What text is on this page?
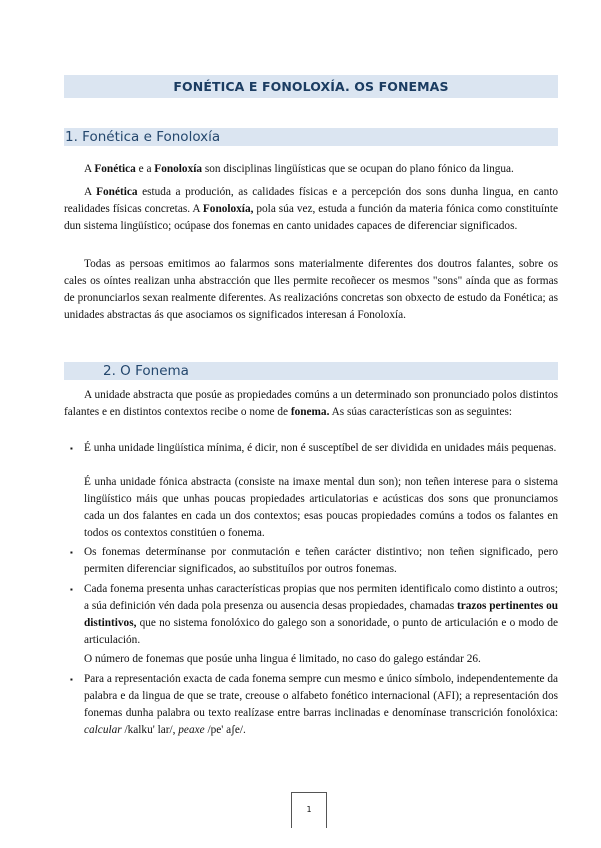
FONÉTICA E FONOLOXÍA. OS FONEMAS
1. Fonética e Fonoloxía

A Fonética e a Fonoloxía son disciplinas lingüísticas que se ocupan do plano fónico da lingua.

A Fonética estuda a produción, as calidades físicas e a percepción dos sons dunha lingua, en canto realidades físicas concretas. A Fonoloxía, pola súa vez, estuda a función da materia fónica como constituínte dun sistema lingüístico; ocúpase dos fonemas en canto unidades capaces de diferenciar significados.

Todas as persoas emitimos ao falarmos sons materialmente diferentes dos doutros falantes, sobre os cales os oíntes realizan unha abstracción que lles permite recoñecer os mesmos "sons" aínda que as formas de pronunciarlos sexan realmente diferentes. As realizacións concretas son obxecto de estudo da Fonética; as unidades abstractas ás que asociamos os significados interesan á Fonoloxía.

2. O Fonema

A unidade abstracta que posúe as propiedades comúns a un determinado son pronunciado polos distintos falantes e en distintos contextos recibe o nome de fonema. As súas características son as seguintes:

▪ É unha unidade lingüística mínima, é dicir, non é susceptíbel de ser dividida en unidades máis pequenas.

É unha unidade fónica abstracta (consiste na imaxe mental dun son); non teñen interese para o sistema lingüístico máis que unhas poucas propiedades articulatorias e acústicas dos sons que pronunciamos cada un dos falantes en cada un dos contextos; esas poucas propiedades comúns a todos os falantes en todos os contextos constitúen o fonema.

▪ Os fonemas determínanse por conmutación e teñen carácter distintivo; non teñen significado, pero permiten diferenciar significados, ao substituílos por outros fonemas.

▪ Cada fonema presenta unhas características propias que nos permiten identificalo como distinto a outros; a súa definición vén dada pola presenza ou ausencia desas propiedades, chamadas trazos pertinentes ou distintivos, que no sistema fonolóxico do galego son a sonoridade, o punto de articulación e o modo de articulación.

O número de fonemas que posúe unha lingua é limitado, no caso do galego estándar 26.

▪ Para a representación exacta de cada fonema sempre cun mesmo e único símbolo, independentemente da palabra e da lingua de que se trate, creouse o alfabeto fonético internacional (AFI); a representación dos fonemas dunha palabra ou texto realízase entre barras inclinadas e denomínase transcrición fonolóxica: calcular /kalku' lar/, peaxe /pe' aʃe/.

1
